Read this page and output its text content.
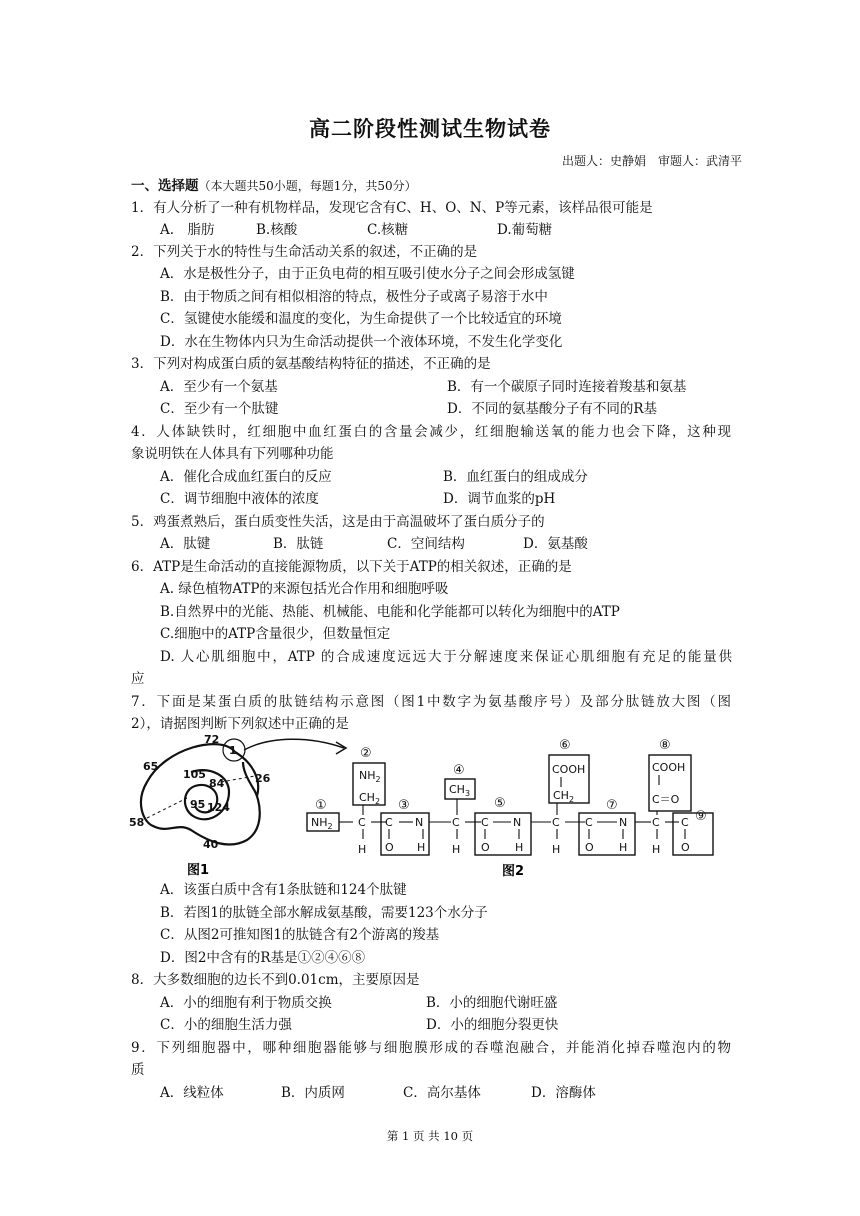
高二阶段性测试生物试卷
出题人：史静娟　审题人：武清平
一、选择题（本大题共50小题，每题1分，共50分）
1．有人分析了一种有机物样品，发现它含有C、H、O、N、P等元素，该样品很可能是
A.　脂肪	B.核酸	C.核糖	D.葡萄糖
2．下列关于水的特性与生命活动关系的叙述，不正确的是
A．水是极性分子，由于正负电荷的相互吸引使水分子之间会形成氢键
B．由于物质之间有相似相溶的特点，极性分子或离子易溶于水中
C．氢键使水能缓和温度的变化，为生命提供了一个比较适宜的环境
D．水在生物体内只为生命活动提供一个液体环境，不发生化学变化
3．下列对构成蛋白质的氨基酸结构特征的描述，不正确的是
A．至少有一个氨基	B．有一个碳原子同时连接着羧基和氨基
C．至少有一个肽键	D．不同的氨基酸分子有不同的R基
4．人体缺铁时，红细胞中血红蛋白的含量会减少，红细胞输送氧的能力也会下降，这种现
象说明铁在人体具有下列哪种功能
A．催化合成血红蛋白的反应	B．血红蛋白的组成成分
C．调节细胞中液体的浓度	D．调节血浆的pH
5．鸡蛋煮熟后，蛋白质变性失活，这是由于高温破坏了蛋白质分子的
A．肽键	B．肽链	C．空间结构	D．氨基酸
6．ATP是生命活动的直接能源物质，以下关于ATP的相关叙述，正确的是
A. 绿色植物ATP的来源包括光合作用和细胞呼吸
B.自然界中的光能、热能、机械能、电能和化学能都可以转化为细胞中的ATP
C.细胞中的ATP含量很少，但数量恒定
D. 人心肌细胞中，ATP 的合成速度远远大于分解速度来保证心肌细胞有充足的能量供
应
7．下面是某蛋白质的肽链结构示意图（图1中数字为氨基酸序号）及部分肽链放大图（图
2），请据图判断下列叙述中正确的是
72
1
65
105
84	26
95 124
58
40
图1
①
②
③
④
⑤
⑥
⑦
⑧
⑨
$NH_2$ C
H
$NH_2$
$CH_2$
C N
O H
C
H
$CH_3$
C N
O H
C
H
COOH
$CH_2$
C N
O H
C
H
COOH
C＝O
C
O
图2
A．该蛋白质中含有1条肽链和124个肽键
B．若图1的肽链全部水解成氨基酸，需要123个水分子
C．从图2可推知图1的肽链含有2个游离的羧基
D．图2中含有的R基是①②④⑥⑧
8．大多数细胞的边长不到0.01cm，主要原因是
A．小的细胞有利于物质交换	B．小的细胞代谢旺盛
C．小的细胞生活力强	D．小的细胞分裂更快
9．下列细胞器中，哪种细胞器能够与细胞膜形成的吞噬泡融合，并能消化掉吞噬泡内的物
质
A．线粒体	B．内质网	C．高尔基体	D．溶酶体
第 1 页 共 10 页
